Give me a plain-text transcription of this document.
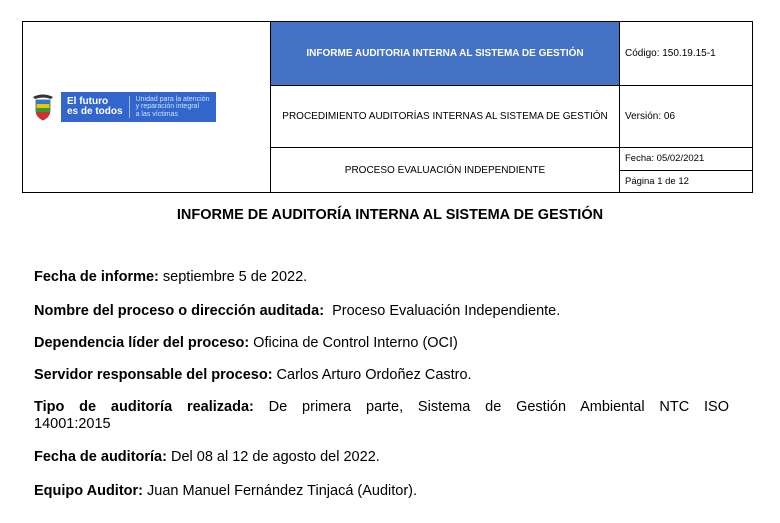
El futuro
es de todos
Unidad para la atención
y reparación integral
a las víctimas	INFORME AUDITORIA INTERNA AL SISTEMA DE GESTIÓN	Código: 150.19.15-1
	PROCEDIMIENTO AUDITORÍAS INTERNAS AL SISTEMA DE GESTIÓN	Versión: 06
	PROCESO EVALUACIÓN INDEPENDIENTE	Fecha: 05/02/2021
Página 1 de 12
INFORME DE AUDITORÍA INTERNA AL SISTEMA DE GESTIÓN
Fecha de informe: septiembre 5 de 2022.
Nombre del proceso o dirección auditada:  Proceso Evaluación Independiente.
Dependencia líder del proceso: Oficina de Control Interno (OCI)
Servidor responsable del proceso: Carlos Arturo Ordoñez Castro.
Tipo de auditoría realizada: De primera parte, Sistema de Gestión Ambiental NTC ISO
14001:2015
Fecha de auditoría: Del 08 al 12 de agosto del 2022.
Equipo Auditor: Juan Manuel Fernández Tinjacá (Auditor).
